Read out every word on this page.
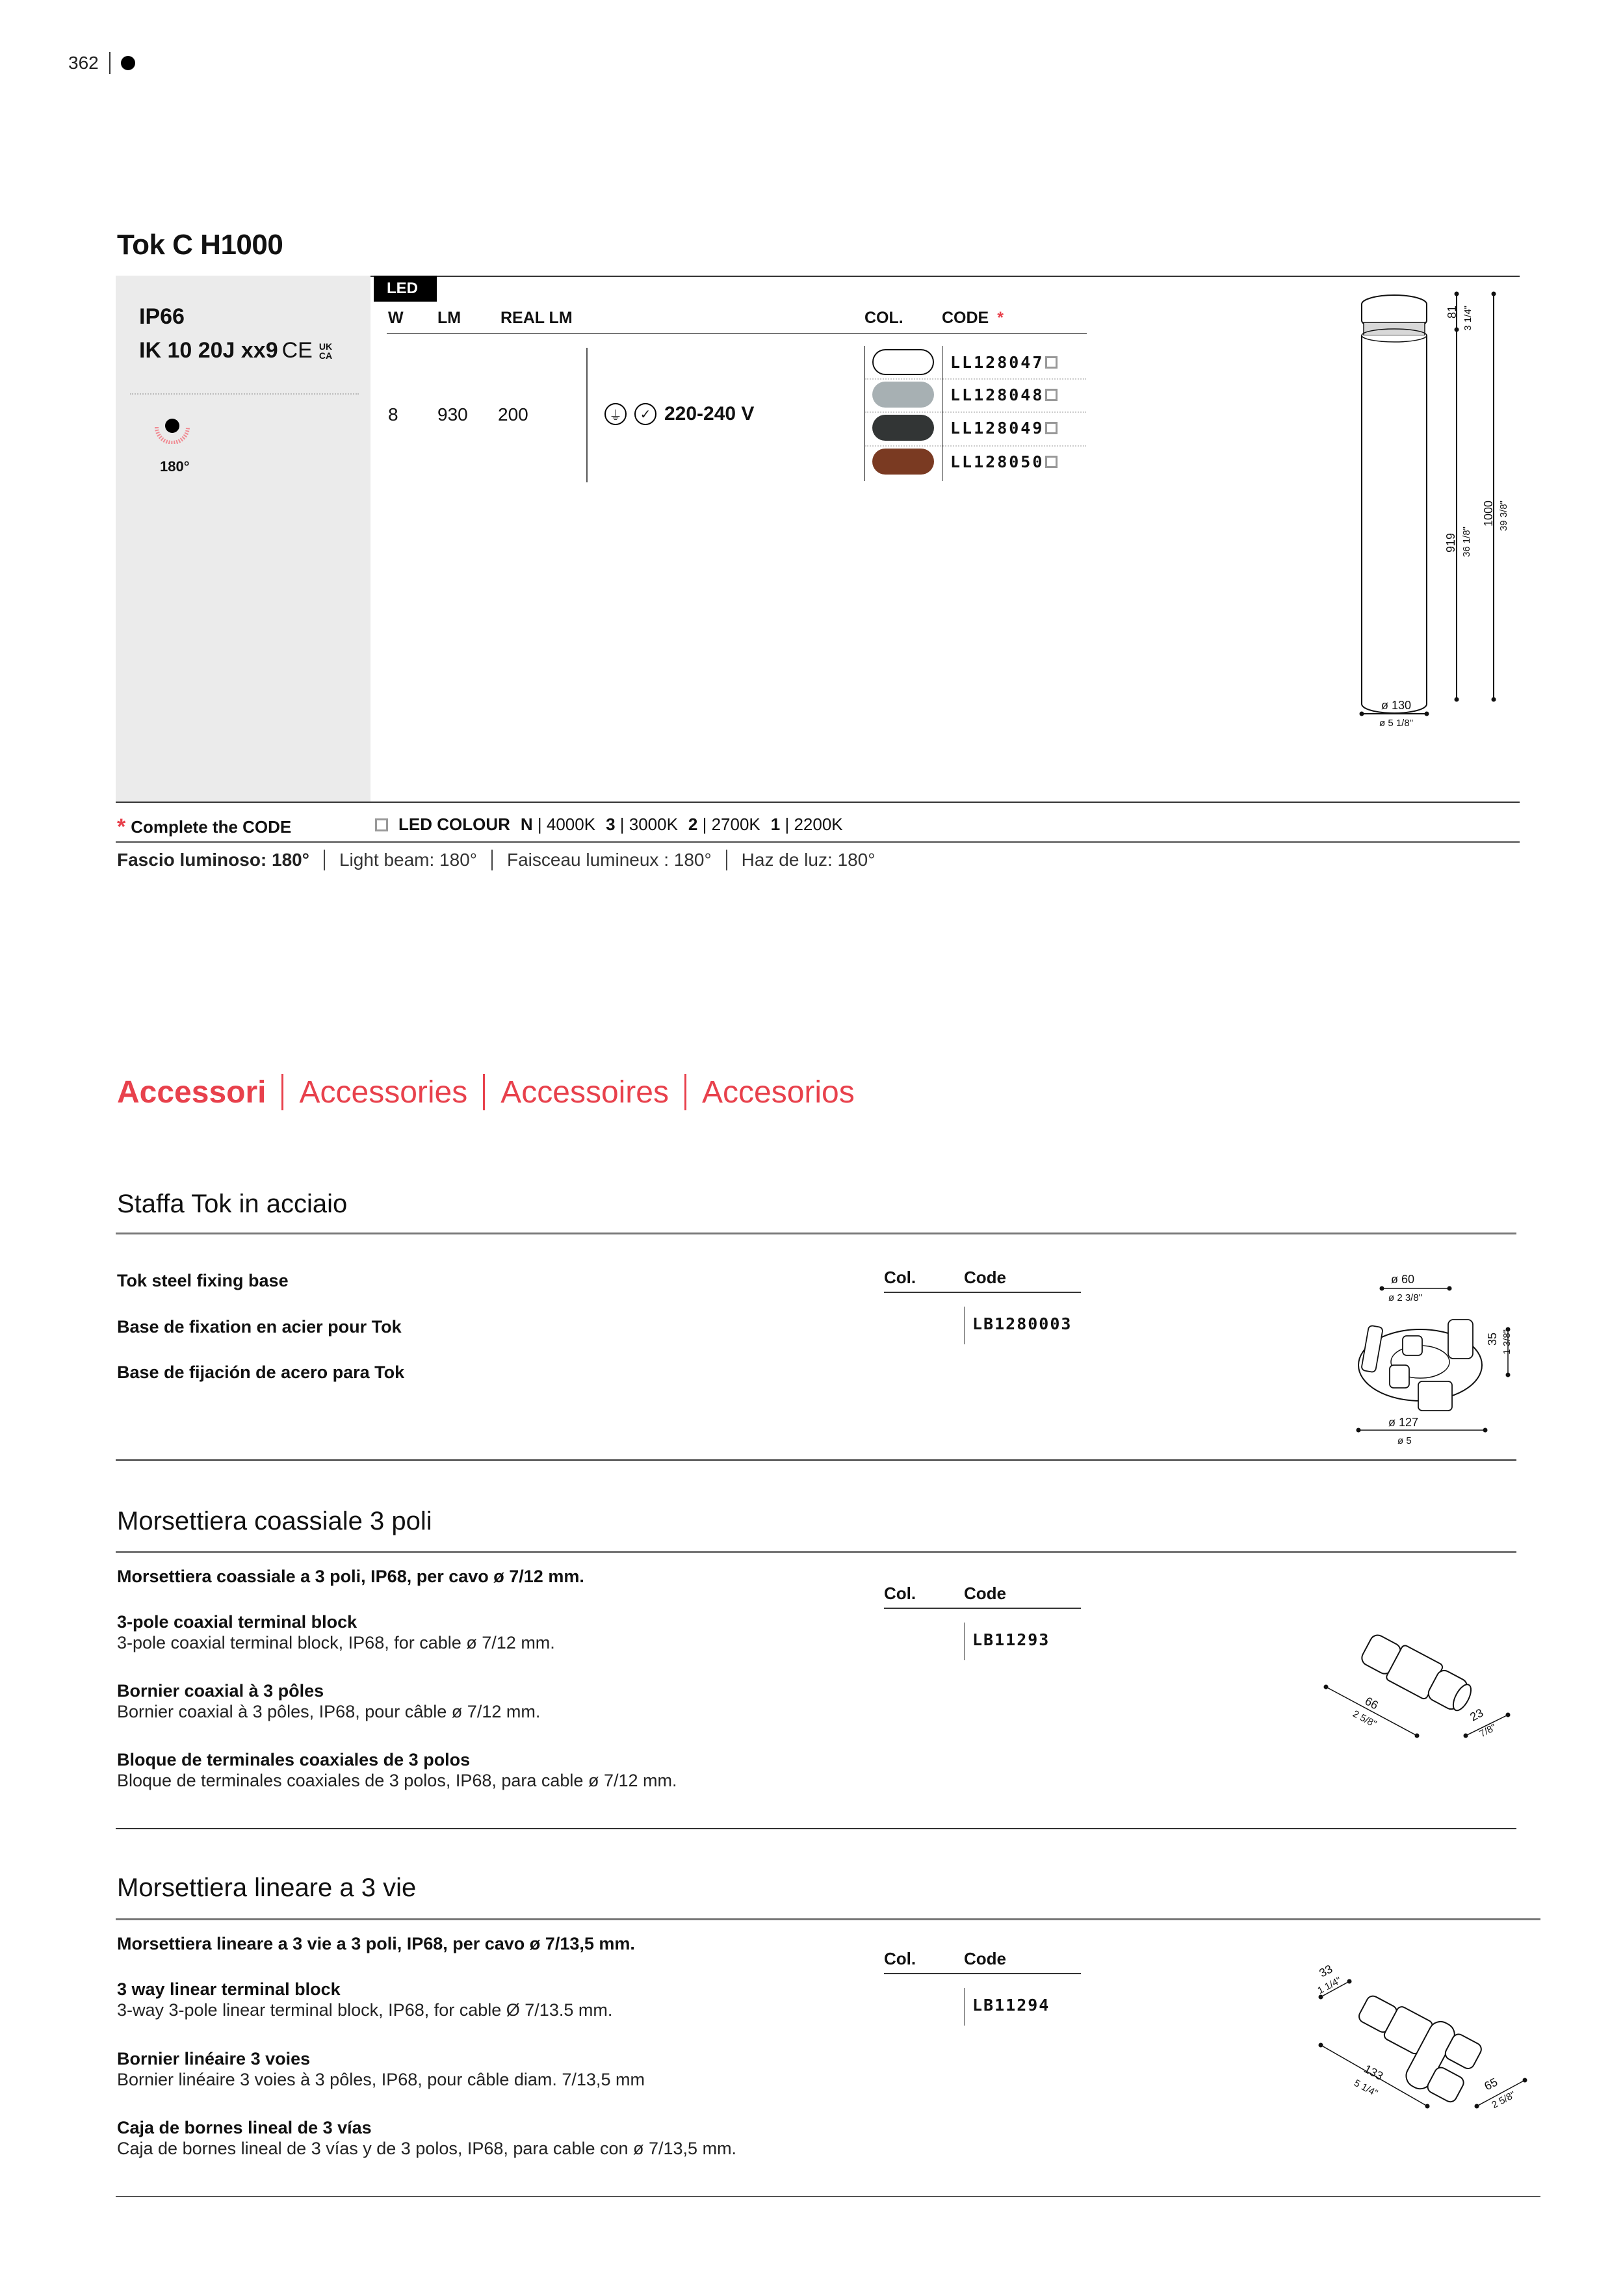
362
Tok C H1000
IP66
IK 10 20J xx9 CE UK
CA
180°
LED
W LM REAL LM	COL. CODE *
8 930 200	⏚	✓ 220-240 V
LL128047
LL128048
LL128049
LL128050
81 3 1/4"
919 36 1/8"
1000 39 3/8"
ø 130
ø 5 1/8"
* Complete the CODE	LED COLOUR N | 4000K 3 | 3000K 2 | 2700K 1 | 2200K
Fascio luminoso: 180° Light beam: 180° Faisceau lumineux : 180° Haz de luz: 180°
Accessori Accessories Accessoires Accesorios
Staffa Tok in acciaio
Tok steel fixing base
Base de fixation en acier pour Tok
Base de fijación de acero para Tok
Col.	Code
LB1280003
ø 60
ø 2 3/8"
35 1 3/8"
ø 127
ø 5
Morsettiera coassiale 3 poli
Morsettiera coassiale a 3 poli, IP68, per cavo ø 7/12 mm.
3-pole coaxial terminal block
3-pole coaxial terminal block, IP68, for cable ø 7/12 mm.
Bornier coaxial à 3 pôles
Bornier coaxial à 3 pôles, IP68, pour câble ø 7/12 mm.
Bloque de terminales coaxiales de 3 polos
Bloque de terminales coaxiales de 3 polos, IP68, para cable ø 7/12 mm.
Col.	Code
LB11293
66
2 5/8"	23
7/8"
Morsettiera lineare a 3 vie
Morsettiera lineare a 3 vie a 3 poli, IP68, per cavo ø 7/13,5 mm.
3 way linear terminal block
3-way 3-pole linear terminal block, IP68, for cable Ø 7/13.5 mm.
Bornier linéaire 3 voies
Bornier linéaire 3 voies à 3 pôles, IP68, pour câble diam. 7/13,5 mm
Caja de bornes lineal de 3 vías
Caja de bornes lineal de 3 vías y de 3 polos, IP68, para cable con ø 7/13,5 mm.
Col.	Code
LB11294
33
1 1/4"
133
5 1/4"	65
2 5/8"
